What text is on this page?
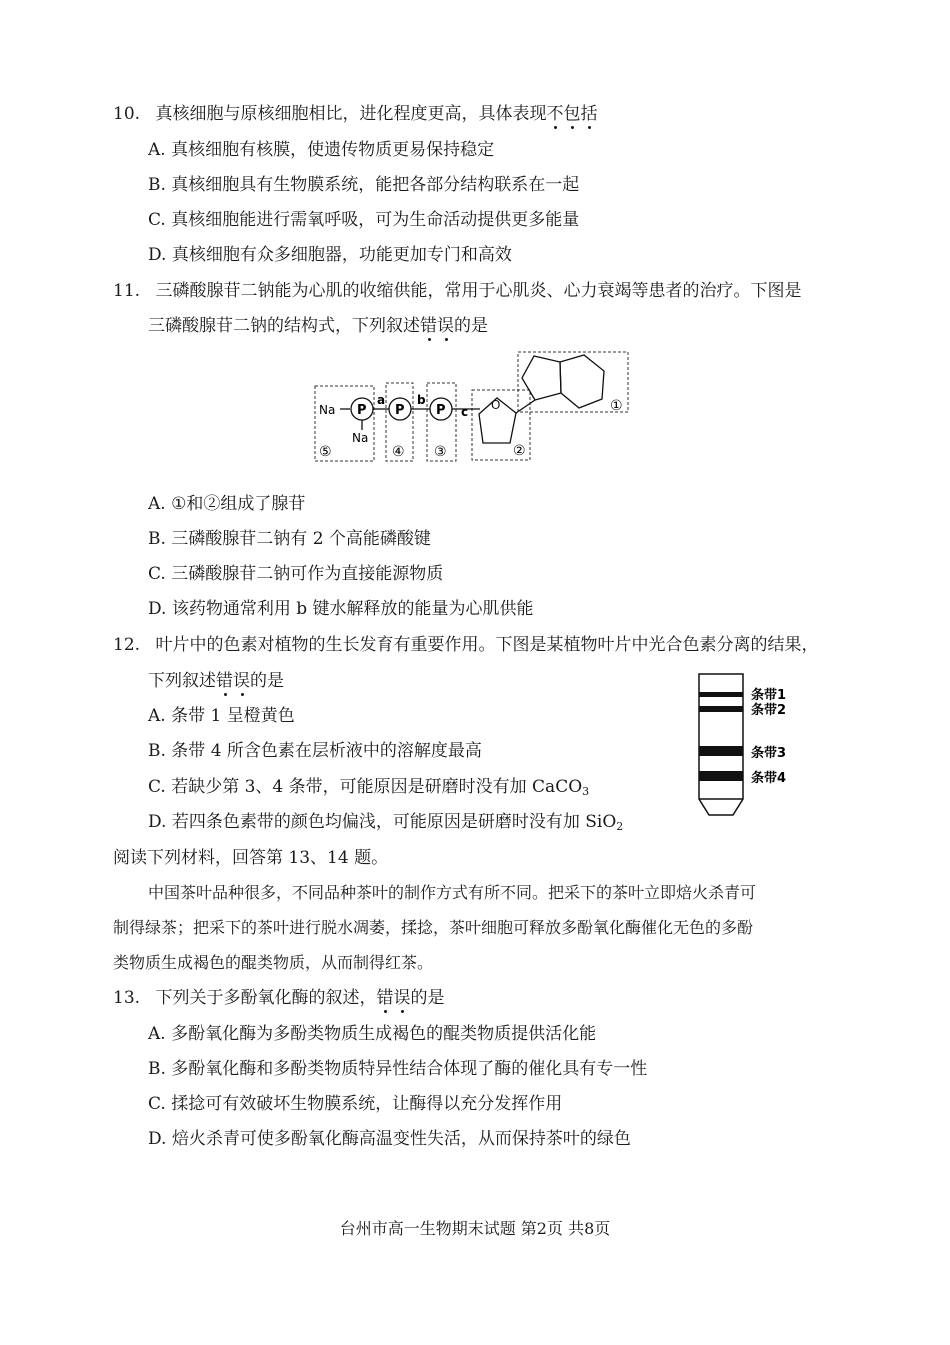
10. 真核细胞与原核细胞相比，进化程度更高，具体表现不包括
A. 真核细胞有核膜，使遗传物质更易保持稳定
B. 真核细胞具有生物膜系统，能把各部分结构联系在一起
C. 真核细胞能进行需氧呼吸，可为生命活动提供更多能量
D. 真核细胞有众多细胞器，功能更加专门和高效
11. 三磷酸腺苷二钠能为心肌的收缩供能，常用于心肌炎、心力衰竭等患者的治疗。下图是
三磷酸腺苷二钠的结构式，下列叙述错误的是
Na
Na
P P P
a	b
c O	①
②
③
④
⑤
A. ①和②组成了腺苷
B. 三磷酸腺苷二钠有 2 个高能磷酸键
C. 三磷酸腺苷二钠可作为直接能源物质
D. 该药物通常利用 b 键水解释放的能量为心肌供能
12. 叶片中的色素对植物的生长发育有重要作用。下图是某植物叶片中光合色素分离的结果，
下列叙述错误的是
A. 条带 1 呈橙黄色
B. 条带 4 所含色素在层析液中的溶解度最高
C. 若缺少第 3、4 条带，可能原因是研磨时没有加 CaCO$_3$
D. 若四条色素带的颜色均偏浅，可能原因是研磨时没有加 SiO$_2$
条带1
条带2
条带3
条带4
阅读下列材料，回答第 13、14 题。
中国茶叶品种很多，不同品种茶叶的制作方式有所不同。把采下的茶叶立即焙火杀青可
制得绿茶；把采下的茶叶进行脱水凋萎，揉捻，茶叶细胞可释放多酚氧化酶催化无色的多酚
类物质生成褐色的醌类物质，从而制得红茶。
13. 下列关于多酚氧化酶的叙述，错误的是
A. 多酚氧化酶为多酚类物质生成褐色的醌类物质提供活化能
B. 多酚氧化酶和多酚类物质特异性结合体现了酶的催化具有专一性
C. 揉捻可有效破坏生物膜系统，让酶得以充分发挥作用
D. 焙火杀青可使多酚氧化酶高温变性失活，从而保持茶叶的绿色
台州市高一生物期末试题 第2页 共8页
